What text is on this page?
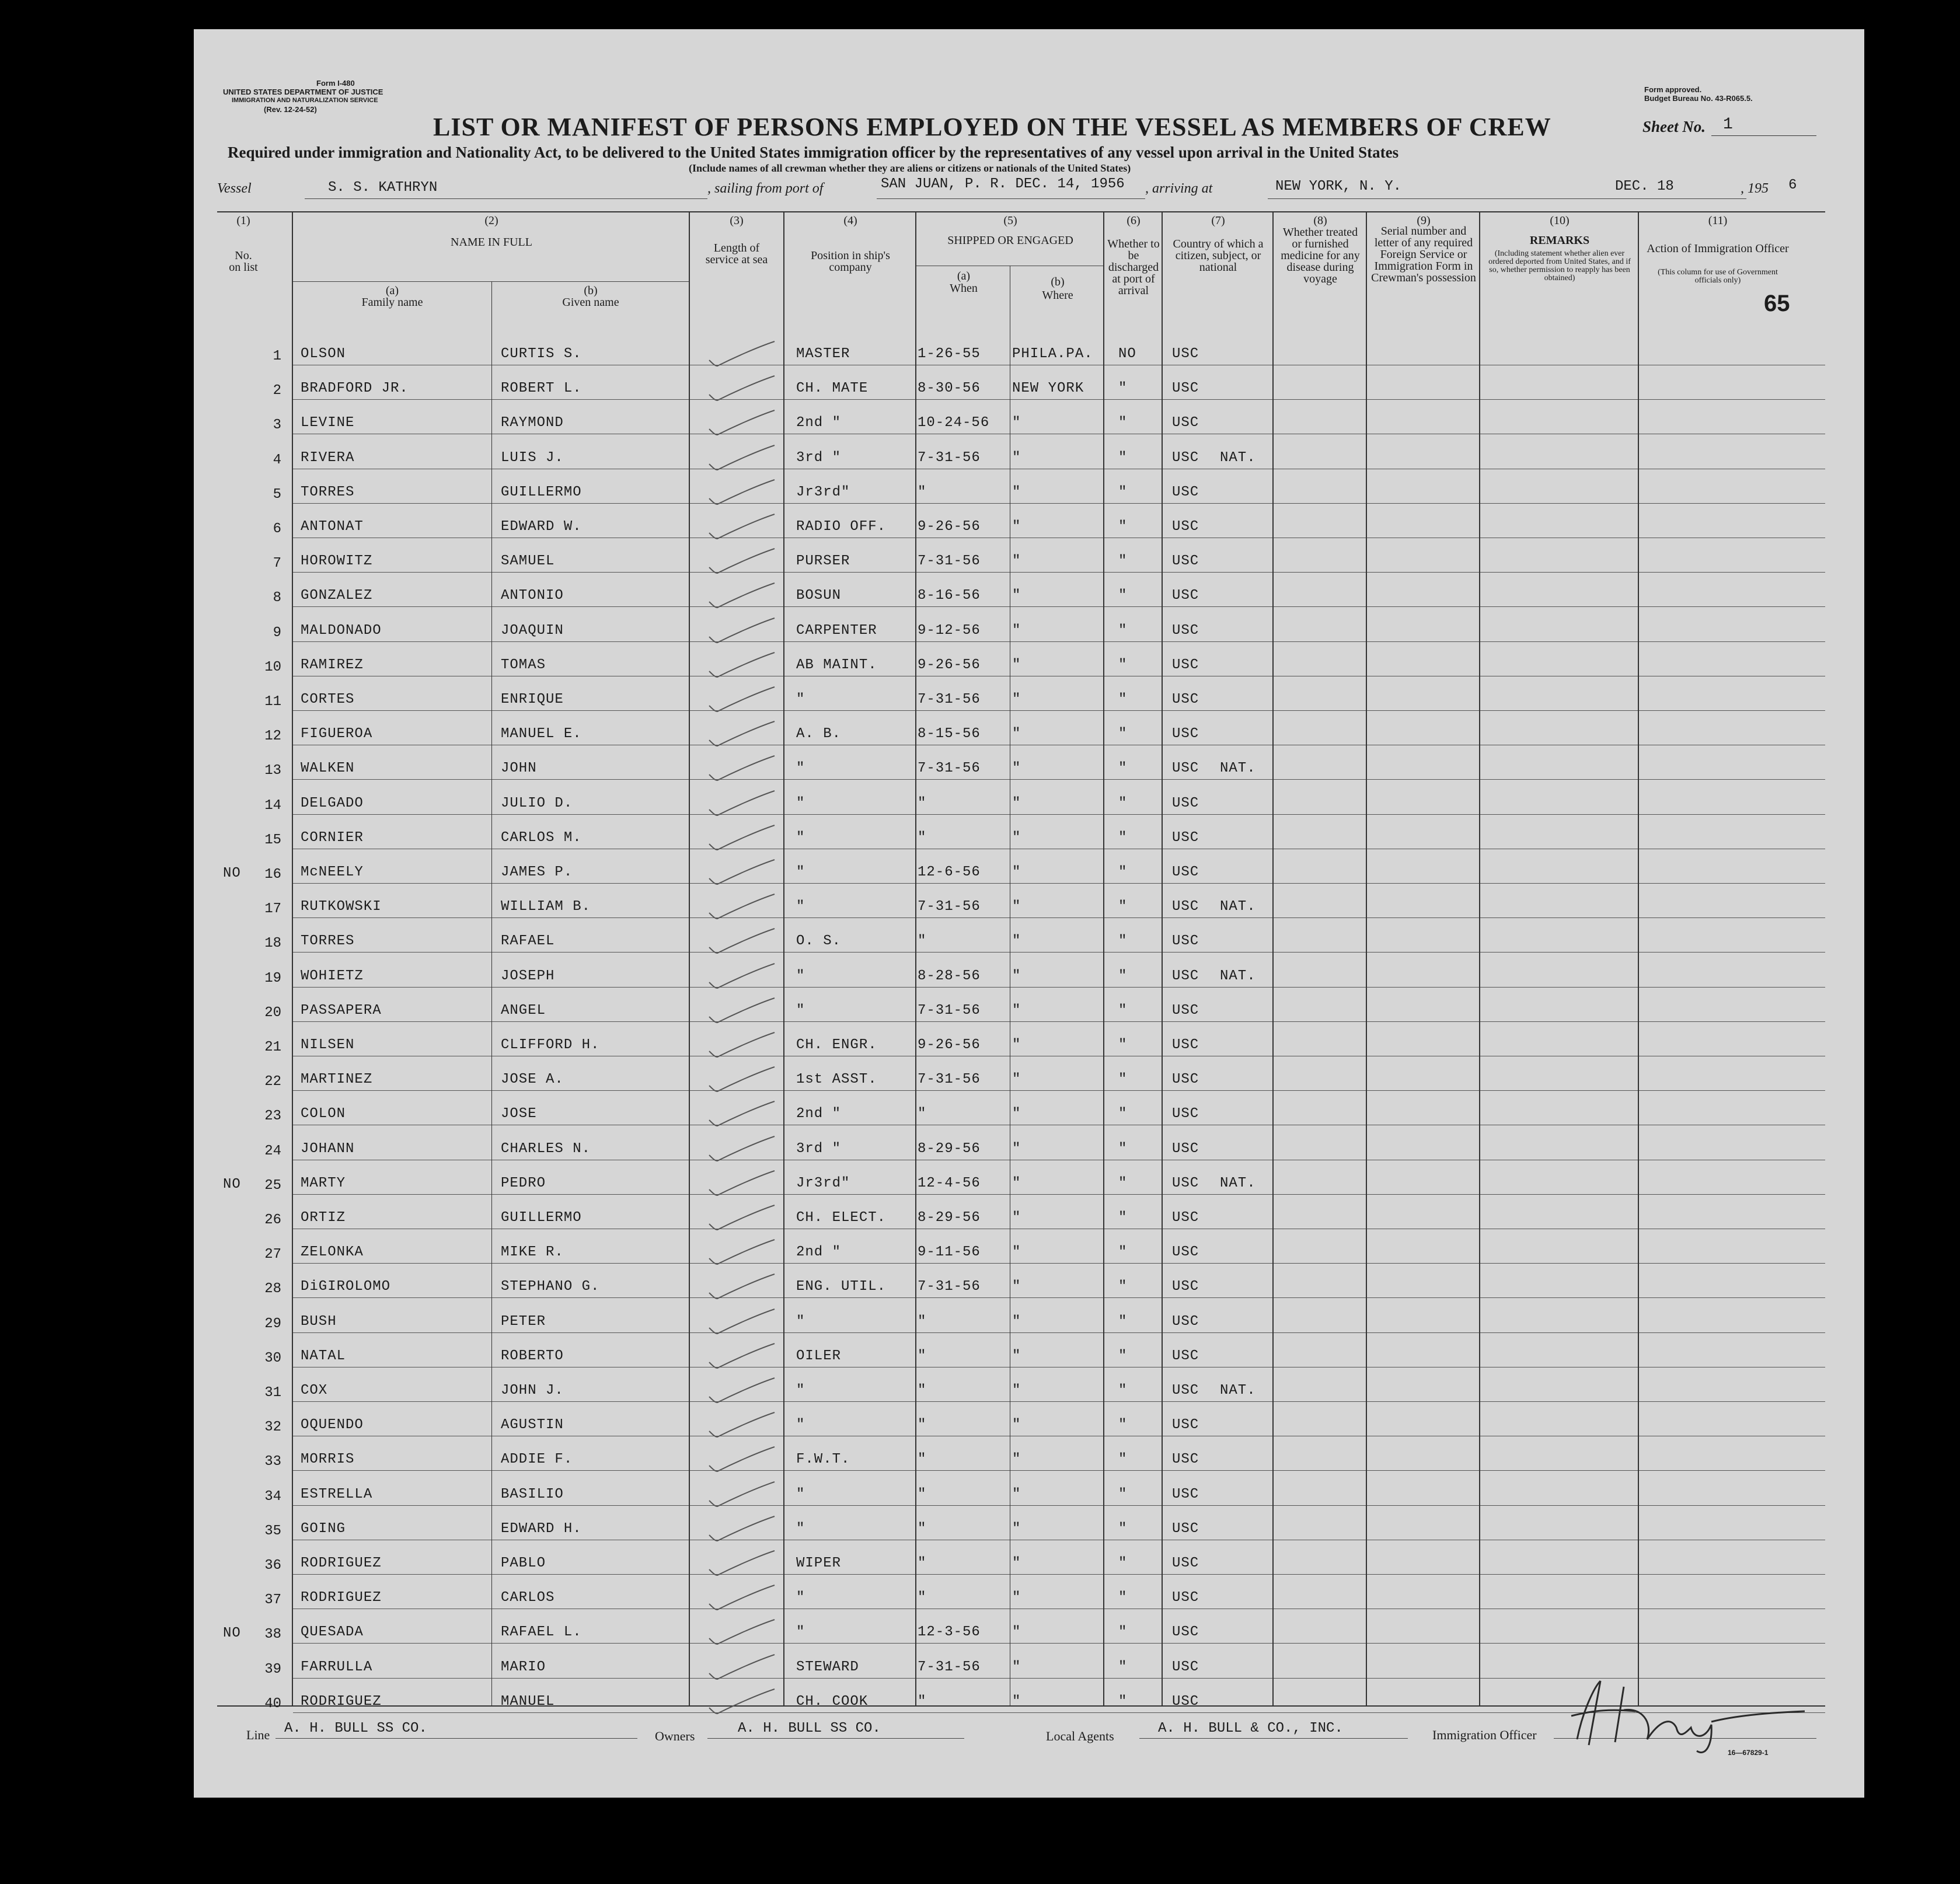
Form I-480
UNITED STATES DEPARTMENT OF JUSTICE
IMMIGRATION AND NATURALIZATION SERVICE
(Rev. 12-24-52)
Form approved.
Budget Bureau No. 43-R065.5.
LIST OR MANIFEST OF PERSONS EMPLOYED ON THE VESSEL AS MEMBERS OF CREW	Sheet No. 1
Required under immigration and Nationality Act, to be delivered to the United States immigration officer by the representatives of any vessel upon arrival in the United States
(Include names of all crewman whether they are aliens or citizens or nationals of the United States)
Vessel	S. S. KATHRYN	, sailing from port of	SAN JUAN, P. R. DEC. 14, 1956 , arriving at	NEW YORK, N. Y.	DEC. 18	, 195 6
(1)
No. on list
(2)
NAME IN FULL
(a)
Family name
(b)
Given name
(3)
Length of service at sea
(4)
Position in ship's company
(5)
SHIPPED OR ENGAGED
(a)
When	(b)
Where
(6)
Whether to be discharged at port of arrival
(7)
Country of which a citizen, subject, or national
(8)
Whether treated or furnished medicine for any disease during voyage
(9)
Serial number and letter of any required Foreign Service or Immigration Form in Crewman's possession
(10)
REMARKS
(Including statement whether alien ever ordered deported from United States, and if so, whether permission to reapply has been obtained)
(11)
Action of Immigration Officer
(This column for use of Government officials only)
65
1 OLSON	CURTIS S.	MASTER	1-26-55 PHILA.PA. NO	USC
2 BRADFORD JR.	ROBERT L.	CH. MATE	8-30-56 NEW YORK "	USC
3 LEVINE	RAYMOND	2nd "	10-24-56 "	"	USC
4 RIVERA	LUIS J.	3rd "	7-31-56 "	"	USC NAT.
5 TORRES	GUILLERMO	Jr3rd"	"	"	"	USC
6 ANTONAT	EDWARD W.	RADIO OFF. 9-26-56 "	"	USC
7 HOROWITZ	SAMUEL	PURSER	7-31-56 "	"	USC
8 GONZALEZ	ANTONIO	BOSUN	8-16-56 "	"	USC
9 MALDONADO	JOAQUIN	CARPENTER	9-12-56 "	"	USC
10 RAMIREZ	TOMAS	AB MAINT.	9-26-56 "	"	USC
11 CORTES	ENRIQUE	"	7-31-56 "	"	USC
12 FIGUEROA	MANUEL E.	A. B.	8-15-56 "	"	USC
13 WALKEN	JOHN	"	7-31-56 "	"	USC NAT.
14 DELGADO	JULIO D.	"	"	"	"	USC
15 CORNIER	CARLOS M.	"	"	"	"	USC
NO	16 McNEELY	JAMES P.	"	12-6-56 "	"	USC
17 RUTKOWSKI	WILLIAM B.	"	7-31-56 "	"	USC NAT.
18 TORRES	RAFAEL	O. S.	"	"	"	USC
19 WOHIETZ	JOSEPH	"	8-28-56 "	"	USC NAT.
20 PASSAPERA	ANGEL	"	7-31-56 "	"	USC
21 NILSEN	CLIFFORD H.	CH. ENGR.	9-26-56 "	"	USC
22 MARTINEZ	JOSE A.	1st ASST.	7-31-56 "	"	USC
23 COLON	JOSE	2nd "	"	"	"	USC
24 JOHANN	CHARLES N.	3rd "	8-29-56 "	"	USC
NO	25 MARTY	PEDRO	Jr3rd"	12-4-56 "	"	USC NAT.
26 ORTIZ	GUILLERMO	CH. ELECT. 8-29-56 "	"	USC
27 ZELONKA	MIKE R.	2nd "	9-11-56 "	"	USC
28 DiGIROLOMO	STEPHANO G.	ENG. UTIL. 7-31-56 "	"	USC
29 BUSH	PETER	"	"	"	"	USC
30 NATAL	ROBERTO	OILER	"	"	"	USC
31 COX	JOHN J.	"	"	"	"	USC NAT.
32 OQUENDO	AGUSTIN	"	"	"	"	USC
33 MORRIS	ADDIE F.	F.W.T.	"	"	"	USC
34 ESTRELLA	BASILIO	"	"	"	"	USC
35 GOING	EDWARD H.	"	"	"	"	USC
36 RODRIGUEZ	PABLO	WIPER	"	"	"	USC
37 RODRIGUEZ	CARLOS	"	"	"	"	USC
NO	38 QUESADA	RAFAEL L.	"	12-3-56 "	"	USC
39 FARRULLA	MARIO	STEWARD	7-31-56 "	"	USC
40 RODRIGUEZ	MANUEL	CH. COOK	"	"	"	USC
Line A. H. BULL SS CO.	Owners	A. H. BULL SS CO.	Local Agents	A. H. BULL & CO., INC.	Immigration Officer
16—67829-1
